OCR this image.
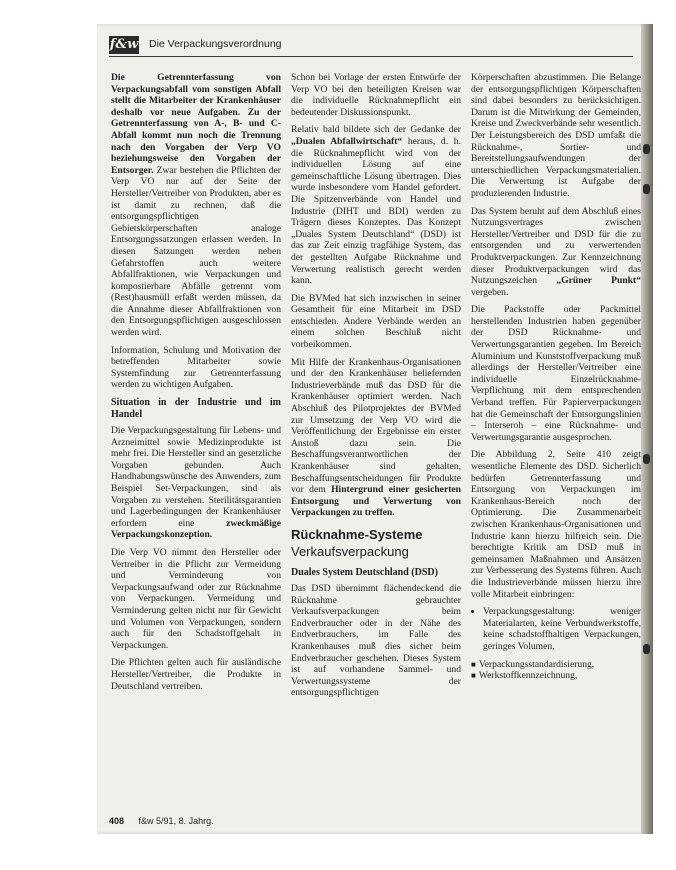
f&w Die Verpackungsverordnung

Die Getrennterfassung von Verpackungsabfall vom sonstigen Abfall stellt die Mitarbeiter der Krankenhäuser deshalb vor neue Aufgaben. Zu der Getrennterfassung von A-, B- und C-Abfall kommt nun noch die Trennung nach den Vorgaben der Verp VO beziehungsweise den Vorgaben der Entsorger. Zwar bestehen die Pflichten der Verp VO nur auf der Seite der Hersteller/Vertreiber von Produkten, aber es ist damit zu rechnen, daß die entsorgungspflichtigen Gebietskörperschaften analoge Entsorgungssatzungen erlassen werden. In diesen Satzungen werden neben Gefahrstoffen auch weitere Abfallfraktionen, wie Verpackungen und kompostierbare Abfälle getrennt vom (Rest)hausmüll erfaßt werden müssen, da die Annahme dieser Abfallfraktionen von den Entsorgungspflichtigen ausgeschlossen werden wird.

Information, Schulung und Motivation der betreffenden Mitarbeiter sowie Systemfindung zur Getrennterfassung werden zu wichtigen Aufgaben.

Situation in der Industrie und im Handel

Die Verpackungsgestaltung für Lebens- und Arzneimittel sowie Medizinprodukte ist mehr frei. Die Hersteller sind an gesetzliche Vorgaben gebunden. Auch Handhabungswünsche des Anwenders, zum Beispiel Set-Verpackungen, sind als Vorgaben zu verstehen. Sterilitätsgarantien und Lagerbedingungen der Krankenhäuser erfordern eine	zweckmäßige Verpackungskonzeption.

Die Verp VO nimmt den Hersteller oder Vertreiber in die Pflicht zur Vermeidung und Verminderung von Verpackungsaufwand oder zur Rücknahme von Verpackungen. Vermeidung und Verminderung gelten nicht nur für Gewicht und Volumen von Verpackungen, sondern auch für den Schadstoffgehalt in Verpackungen.

Die Pflichten gelten auch für ausländische Hersteller/Vertreiber, die Produkte in Deutschland vertreiben.

Schon bei Vorlage der ersten Entwürfe der Verp VO bei den beteiligten Kreisen war die individuelle Rücknahmepflicht ein bedeutender Diskussionspunkt.

Relativ bald bildete sich der Gedanke der „Dualen Abfallwirtschaft“ heraus, d. h. die Rücknahmepflicht wird von der individuellen Lösung auf eine gemeinschaftliche Lösung übertragen. Dies wurde insbesondere vom Handel gefordert. Die Spitzenverbände von Handel und Industrie (DIHT und BDI) werden zu Trägern dieses Konzeptes. Das Konzept „Duales System Deutschland“ (DSD) ist das zur Zeit einzig tragfähige System, das der gestellten Aufgabe Rücknahme und Verwertung realistisch gerecht werden kann.

Die BVMed hat sich inzwischen in seiner Gesamtheit für eine Mitarbeit im DSD entschieden. Andere Verbände werden an einem solchen Beschluß nicht vorbeikommen.

Mit Hilfe der Krankenhaus-Organisationen und der den Krankenhäuser beliefernden Industrieverbände muß das DSD für die Krankenhäuser optimiert werden. Nach Abschluß des Pilotprojektes der BVMed zur Umsetzung der Verp VO wird die Veröffentlichung der Ergebnisse ein erster Anstoß dazu sein. Die Beschaffungsverantwortlichen der Krankenhäuser sind gehalten, Beschaffungsentscheidungen für Produkte vor dem Hintergrund einer gesicherten Entsorgung und Verwertung von Verpackungen zu treffen.

Rücknahme-Systeme
Verkaufsverpackung
Duales System Deutschland (DSD)

Das DSD übernimmt flächendeckend die Rücknahme gebrauchter Verkaufsverpackungen beim Endverbraucher oder in der Nähe des Endverbrauchers, im Falle des Krankenhauses muß dies sicher beim Endverbraucher geschehen. Dieses System ist auf vorhandene Sammel- und Verwertungssysteme der entsorgungspflichtigen

Körperschaften abzustimmen. Die Belange der entsorgungspflichtigen Körperschaften sind dabei besonders zu berücksichtigen. Darum ist die Mitwirkung der Gemeinden, Kreise und Zweckverbände sehr wesentlich. Der Leistungsbereich des DSD umfaßt die Rücknahme-, Sortier- und Bereitstellungsaufwendungen der unterschiedlichen Verpackungsmaterialien. Die Verwertung ist Aufgabe der produzierenden Industrie.

Das System beruht auf dem Abschluß eines Nutzungsvertrages zwischen Hersteller/Vertreiber und DSD für die zu entsorgenden und zu verwertenden Produktverpackungen. Zur Kennzeichnung dieser Produktverpackungen wird das Nutzungszeichen „Grüner Punkt“ vergeben.

Die Packstoffe oder Packmittel herstellenden Industrien haben gegenüber der DSD Rücknahme- und Verwertungsgarantien gegeben. Im Bereich Aluminium und Kunststoffverpackung muß allerdings der Hersteller/Vertreiber eine individuelle Einzelrücknahme-Verpflichtung mit dem entsprechenden Verband treffen. Für Papierverpackungen hat die Gemeinschaft der Entsorgungslinien – Interseroh – eine Rücknahme- und Verwertungsgarantie ausgesprochen.

Die Abbildung 2, Seite 410 zeigt wesentliche Elemente des DSD. Sicherlich bedürfen Getrennterfassung und Entsorgung von Verpackungen im Krankenhaus-Bereich noch der Optimierung. Die Zusammenarbeit zwischen Krankenhaus-Organisationen und Industrie kann hierzu hilfreich sein. Die berechtigte Kritik am DSD muß in gemeinsamen Maßnahmen und Ansätzen zur Verbesserung des Systems führen. Auch die Industrieverbände müssen hierzu ihre volle Mitarbeit einbringen:

• Verpackungsgestaltung: weniger Materialarten, keine Verbundwerkstoffe, keine schadstoffhaltigen Verpackungen, geringes Volumen,
■ Verpackungsstandardisierung,
■ Werkstoffkennzeichnung,
408 f&w 5/91, 8. Jahrg.
